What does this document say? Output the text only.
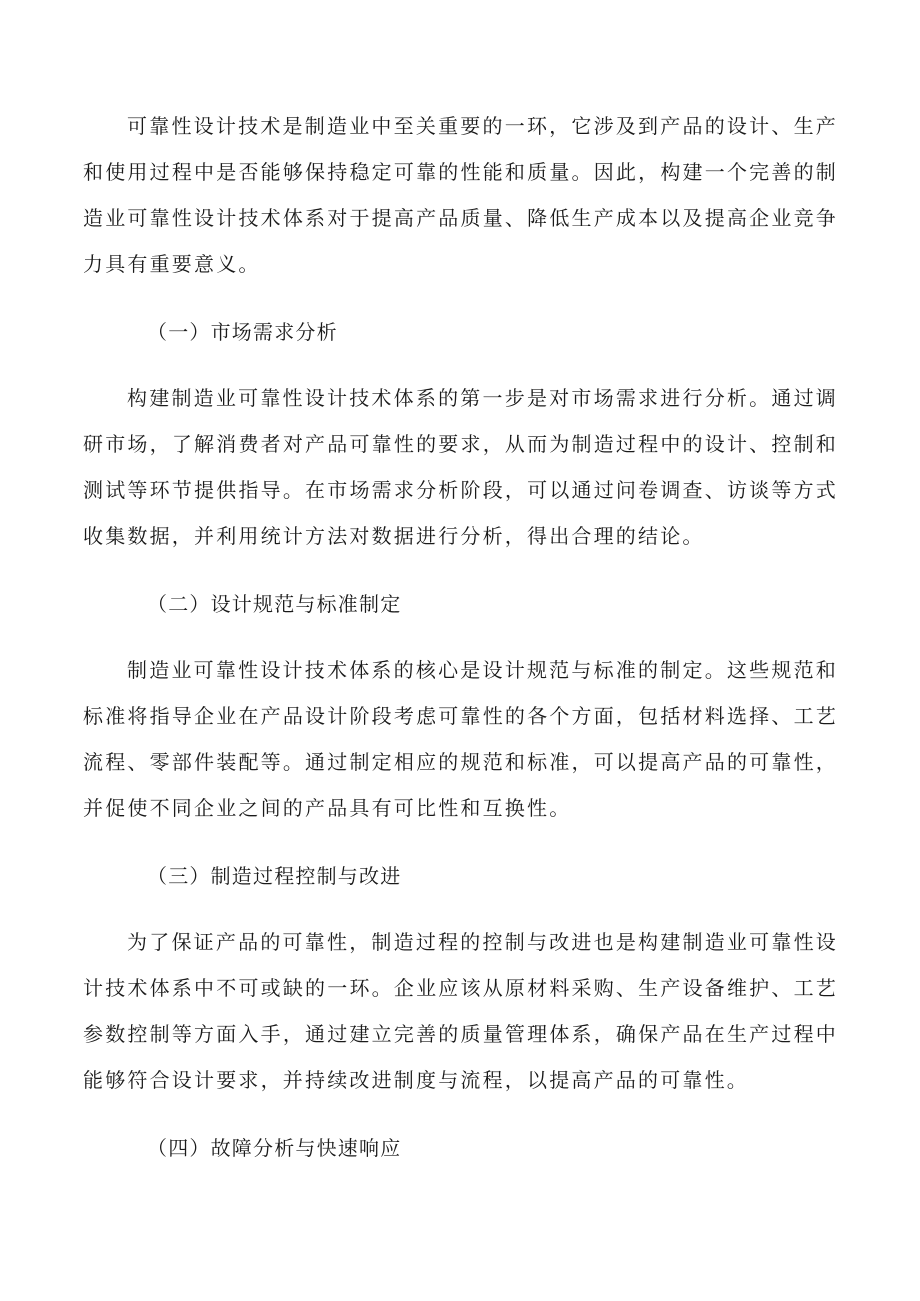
可靠性设计技术是制造业中至关重要的一环，它涉及到产品的设计、生产和使用过程中是否能够保持稳定可靠的性能和质量。因此，构建一个完善的制造业可靠性设计技术体系对于提高产品质量、降低生产成本以及提高企业竞争力具有重要意义。

（一）市场需求分析

构建制造业可靠性设计技术体系的第一步是对市场需求进行分析。通过调研市场，了解消费者对产品可靠性的要求，从而为制造过程中的设计、控制和测试等环节提供指导。在市场需求分析阶段，可以通过问卷调查、访谈等方式收集数据，并利用统计方法对数据进行分析，得出合理的结论。

（二）设计规范与标准制定

制造业可靠性设计技术体系的核心是设计规范与标准的制定。这些规范和标准将指导企业在产品设计阶段考虑可靠性的各个方面，包括材料选择、工艺流程、零部件装配等。通过制定相应的规范和标准，可以提高产品的可靠性，并促使不同企业之间的产品具有可比性和互换性。

（三）制造过程控制与改进

为了保证产品的可靠性，制造过程的控制与改进也是构建制造业可靠性设计技术体系中不可或缺的一环。企业应该从原材料采购、生产设备维护、工艺参数控制等方面入手，通过建立完善的质量管理体系，确保产品在生产过程中能够符合设计要求，并持续改进制度与流程，以提高产品的可靠性。

（四）故障分析与快速响应
